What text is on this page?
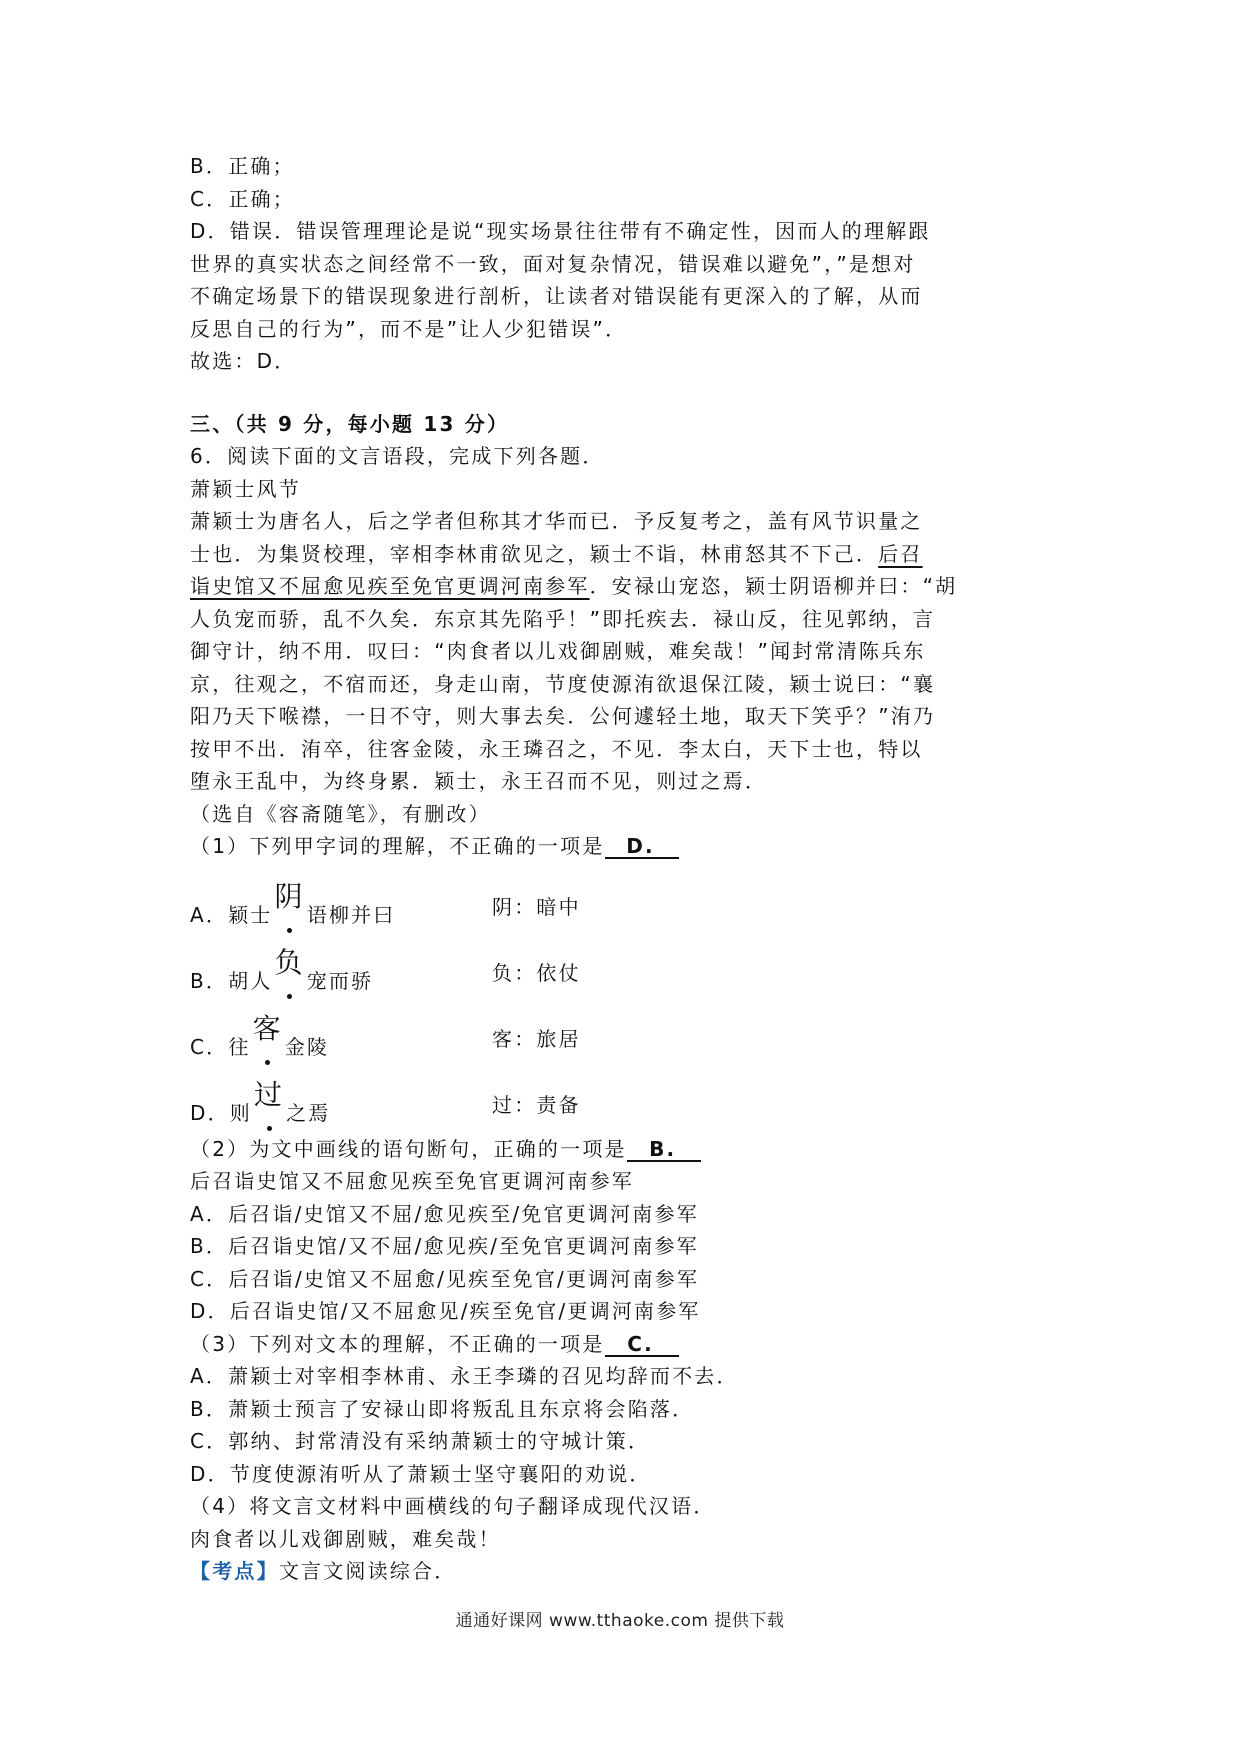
B．正确；
C．正确；
D．错误．错误管理理论是说“现实场景往往带有不确定性，因而人的理解跟
世界的真实状态之间经常不一致，面对复杂情况，错误难以避免”，”是想对
不确定场景下的错误现象进行剖析，让读者对错误能有更深入的了解，从而
反思自己的行为”，而不是”让人少犯错误”．
故选：D．
三、（共 9 分，每小题 13 分）
6．阅读下面的文言语段，完成下列各题．
萧颖士风节
萧颖士为唐名人，后之学者但称其才华而已．予反复考之，盖有风节识量之
士也．为集贤校理，宰相李林甫欲见之，颖士不诣，林甫怒其不下己．后召
诣史馆又不屈愈见疾至免官更调河南参军．安禄山宠恣，颖士阴语柳并曰：“胡
人负宠而骄，乱不久矣．东京其先陷乎！”即托疾去．禄山反，往见郭纳，言
御守计，纳不用．叹曰：“肉食者以儿戏御剧贼，难矣哉！”闻封常清陈兵东
京，往观之，不宿而还，身走山南，节度使源洧欲退保江陵，颖士说曰：“襄
阳乃天下喉襟，一日不守，则大事去矣．公何遽轻土地，取天下笑乎？”洧乃
按甲不出．洧卒，往客金陵，永王璘召之，不见．李太白，天下士也，特以
堕永王乱中，为终身累．颖士，永王召而不见，则过之焉．
（选自《容斋随笔》，有删改）
（1）下列甲字词的理解，不正确的一项是 D.
A．颖士阴
语柳并曰	阴：暗中
B．胡人负
宠而骄	负：依仗
C．往客
金陵	客：旅居
D．则过
之焉	过：责备
（2）为文中画线的语句断句，正确的一项是 B.
后召诣史馆又不屈愈见疾至免官更调河南参军
A．后召诣/史馆又不屈/愈见疾至/免官更调河南参军
B．后召诣史馆/又不屈/愈见疾/至免官更调河南参军
C．后召诣/史馆又不屈愈/见疾至免官/更调河南参军
D．后召诣史馆/又不屈愈见/疾至免官/更调河南参军
（3）下列对文本的理解，不正确的一项是 C.
A．萧颖士对宰相李林甫、永王李璘的召见均辞而不去．
B．萧颖士预言了安禄山即将叛乱且东京将会陷落．
C．郭纳、封常清没有采纳萧颖士的守城计策．
D．节度使源洧听从了萧颖士坚守襄阳的劝说．
（4）将文言文材料中画横线的句子翻译成现代汉语．
肉食者以儿戏御剧贼，难矣哉！
【考点】文言文阅读综合．
通通好课网 www.tthaoke.com 提供下载
